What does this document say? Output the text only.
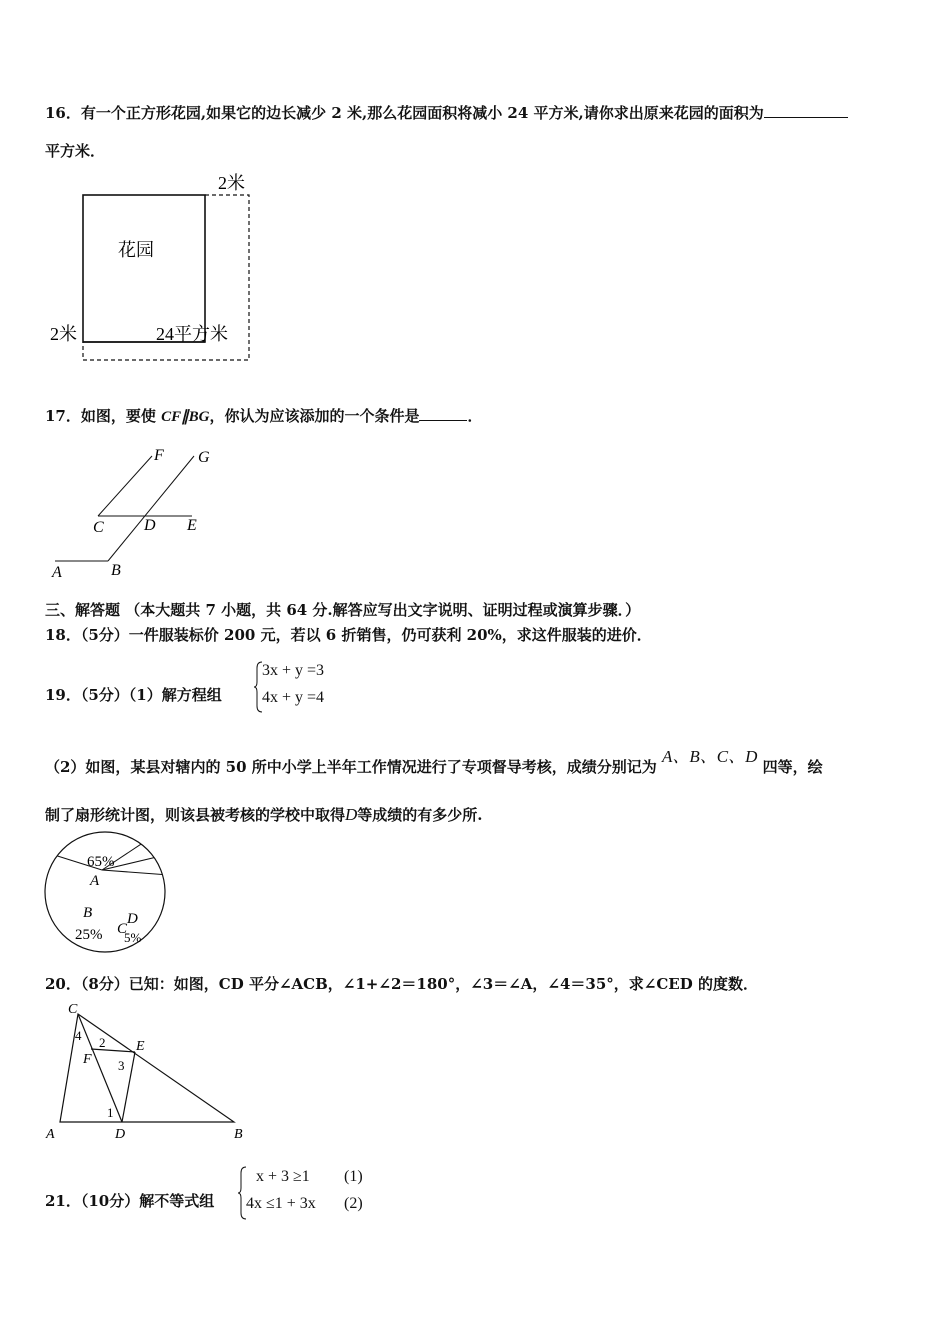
16．有一个正方形花园,如果它的边长减少 2 米,那么花园面积将减小 24 平方米,请你求出原来花园的面积为
平方米．
花园
2米
2米	24平方米
17．如图，要使 CF∥BG，你认为应该添加的一个条件是	．
F G
C	D E
A	B
三、解答题 （本大题共 7 小题，共 64 分.解答应写出文字说明、证明过程或演算步骤．）
18．（5分）一件服装标价 200 元，若以 6 折销售，仍可获利 20%，求这件服装的进价．
19．（5分）（1）解方程组
3x + y =3
4x + y =4
（2）如图，某县对辖内的 50 所中小学上半年工作情况进行了专项督导考核，成绩分别记为 A、B、C、D 四等，绘
制了扇形统计图，则该县被考核的学校中取得D等成绩的有多少所.
65%
A
B
25% C
D
5%
20．（8分）已知：如图，CD 平分∠ACB，∠1+∠2＝180°，∠3＝∠A，∠4＝35°，求∠CED 的度数．
C
E
F
A	D	B
1
2
3
4
21．（10分）解不等式组
x + 3 ≥1 (1)
4x ≤1 + 3x (2)
